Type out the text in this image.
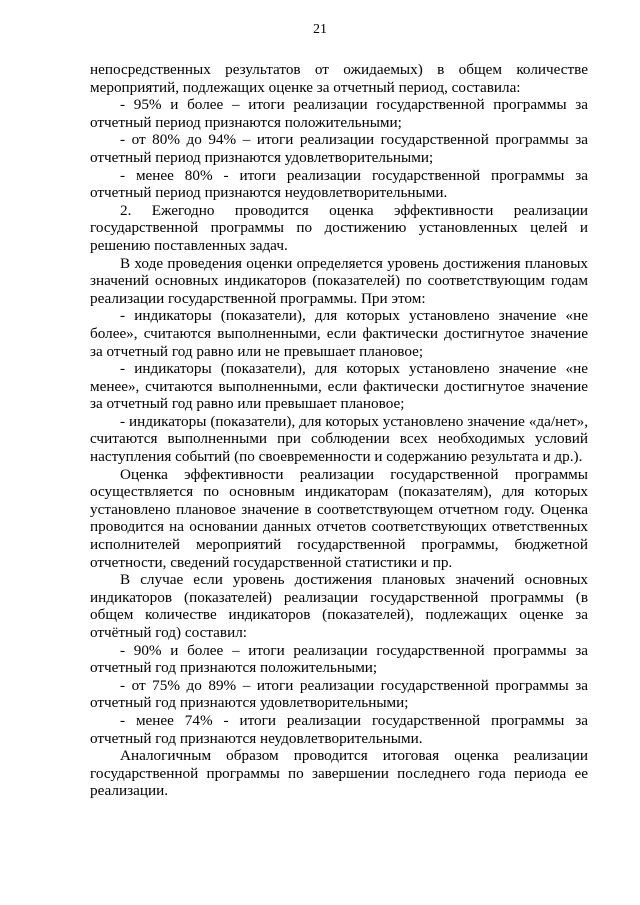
21

непосредственных результатов от ожидаемых) в общем количестве мероприятий, подлежащих оценке за отчетный период, составила:

- 95% и более – итоги реализации государственной программы за отчетный период признаются положительными;

- от 80% до 94% – итоги реализации государственной программы за отчетный период признаются удовлетворительными;

- менее 80% - итоги реализации государственной программы за отчетный период признаются неудовлетворительными.

2. Ежегодно проводится оценка эффективности реализации государственной программы по достижению установленных целей и решению поставленных задач.

В ходе проведения оценки определяется уровень достижения плановых значений основных индикаторов (показателей) по соответствующим годам реализации государственной программы. При этом:

- индикаторы (показатели), для которых установлено значение «не более», считаются выполненными, если фактически достигнутое значение за отчетный год равно или не превышает плановое;

- индикаторы (показатели), для которых установлено значение «не менее», считаются выполненными, если фактически достигнутое значение за отчетный год равно или превышает плановое;

- индикаторы (показатели), для которых установлено значение «да/нет», считаются выполненными при соблюдении всех необходимых условий наступления событий (по своевременности и содержанию результата и др.).

Оценка эффективности реализации государственной программы осуществляется по основным индикаторам (показателям), для которых установлено плановое значение в соответствующем отчетном году. Оценка проводится на основании данных отчетов соответствующих ответственных исполнителей мероприятий государственной программы, бюджетной отчетности, сведений государственной статистики и пр.

В случае если уровень достижения плановых значений основных индикаторов (показателей) реализации государственной программы (в общем количестве индикаторов (показателей), подлежащих оценке за отчётный год) составил:

- 90% и более – итоги реализации государственной программы за отчетный год признаются положительными;

- от 75% до 89% – итоги реализации государственной программы за отчетный год признаются удовлетворительными;

- менее 74% - итоги реализации государственной программы за отчетный год признаются неудовлетворительными.

Аналогичным образом проводится итоговая оценка реализации государственной программы по завершении последнего года периода ее реализации.
